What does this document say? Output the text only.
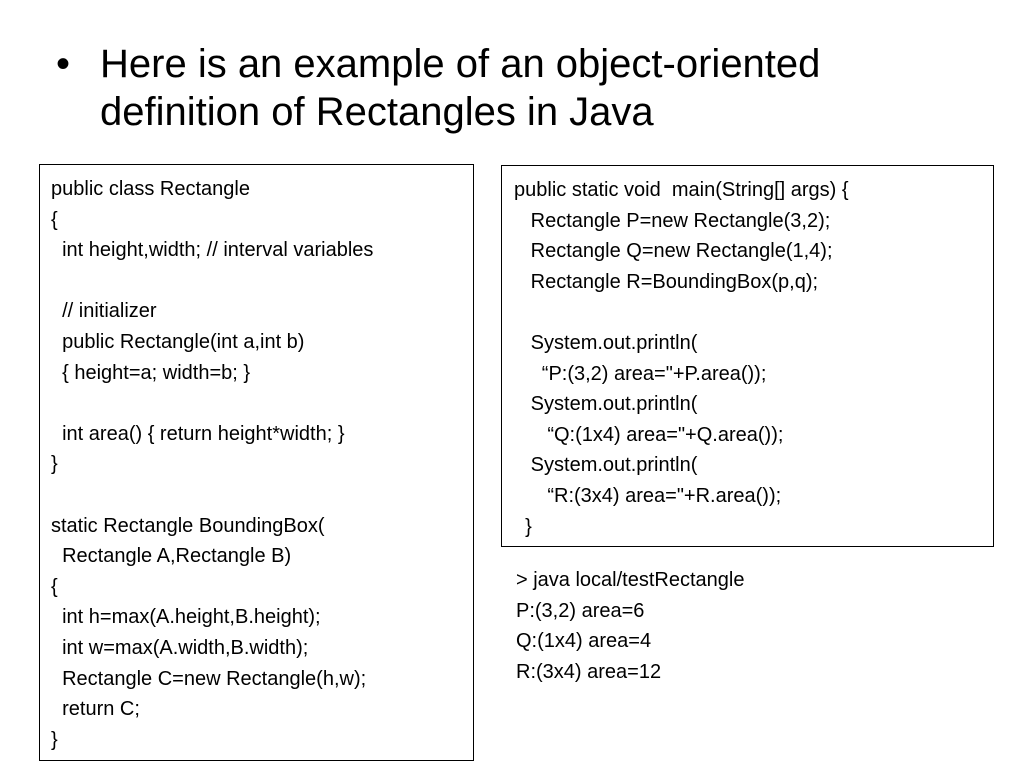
• Here is an example of an object-oriented
definition of Rectangles in Java
public class Rectangle
{
int height,width; // interval variables
// initializer
public Rectangle(int a,int b)
{ height=a; width=b; }
int area() { return height*width; }
}
static Rectangle BoundingBox(
Rectangle A,Rectangle B)
{
int h=max(A.height,B.height);
int w=max(A.width,B.width);
Rectangle C=new Rectangle(h,w);
return C;
}
public static void  main(String[] args) {
Rectangle P=new Rectangle(3,2);
Rectangle Q=new Rectangle(1,4);
Rectangle R=BoundingBox(p,q);
System.out.println(
“P:(3,2) area="+P.area());
System.out.println(
“Q:(1x4) area="+Q.area());
System.out.println(
“R:(3x4) area="+R.area());
}
> java local/testRectangle
P:(3,2) area=6
Q:(1x4) area=4
R:(3x4) area=12
